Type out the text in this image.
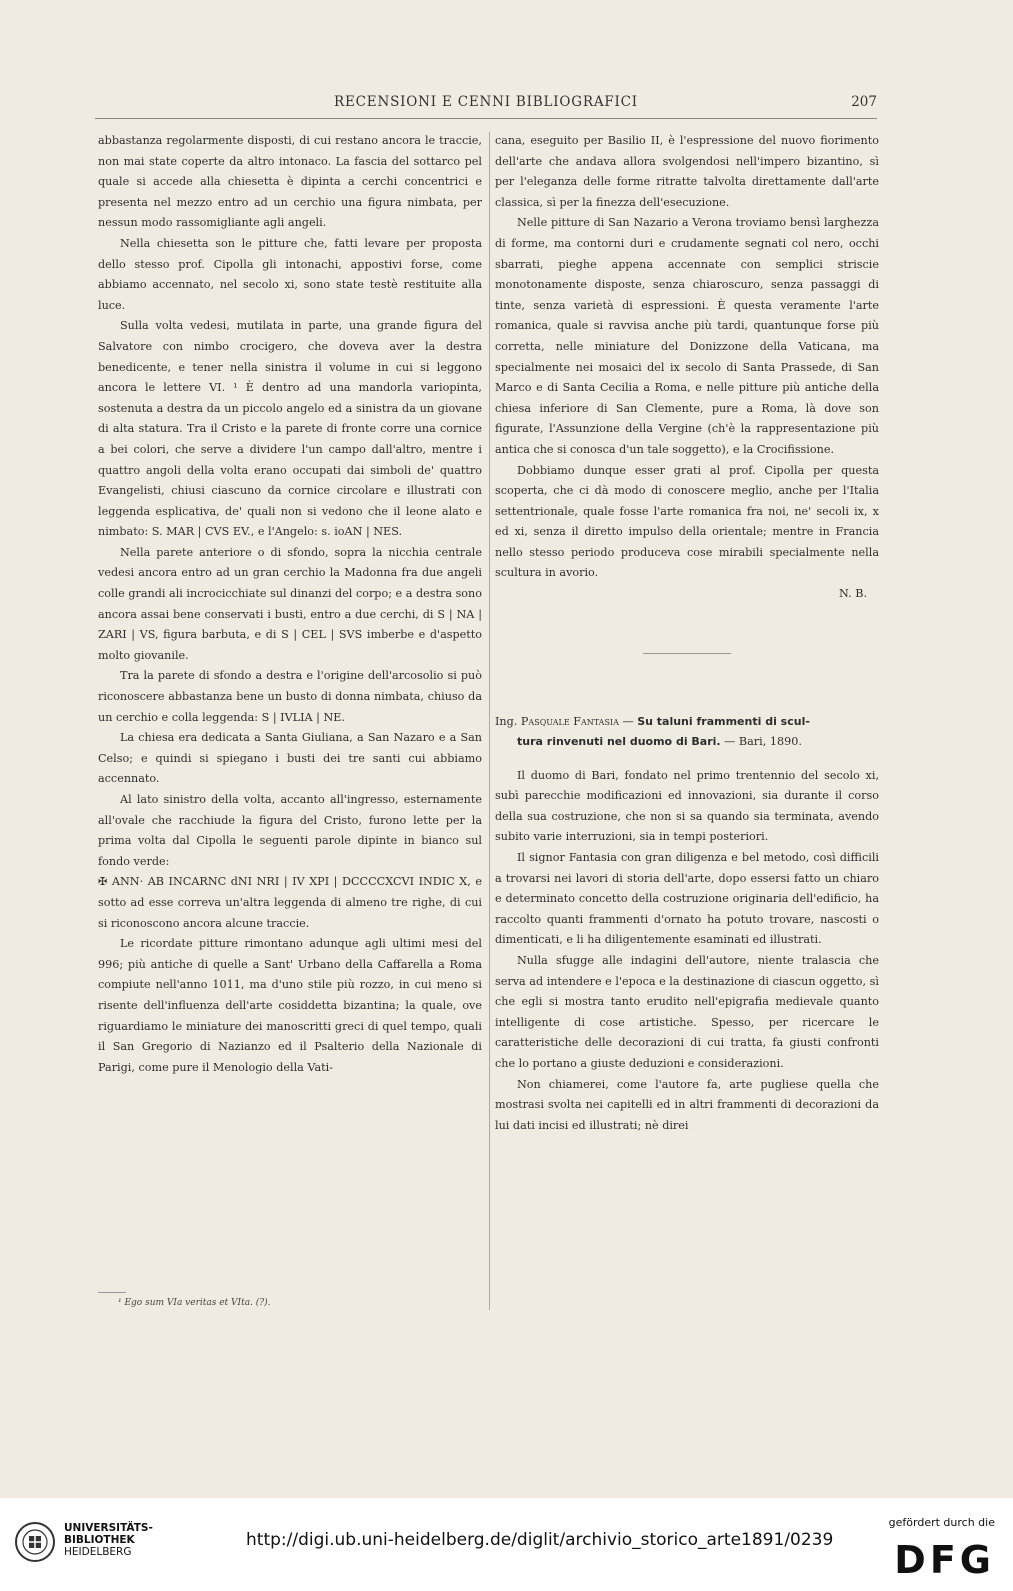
RECENSIONI E CENNI BIBLIOGRAFICI	207

abbastanza regolarmente disposti, di cui restano ancora le traccie, non mai state coperte da altro intonaco. La fascia del sottarco pel quale si accede alla chiesetta è dipinta a cerchi concentrici e presenta nel mezzo entro ad un cerchio una figura nimbata, per nessun modo rassomigliante agli angeli.

Nella chiesetta son le pitture che, fatti levare per proposta dello stesso prof. Cipolla gli intonachi, appostivi forse, come abbiamo accennato, nel secolo xi, sono state testè restituite alla luce.

Sulla volta vedesi, mutilata in parte, una grande figura del Salvatore con nimbo crocigero, che doveva aver la destra benedicente, e tener nella sinistra il volume in cui si leggono ancora le lettere VI. ¹ È dentro ad una mandorla variopinta, sostenuta a destra da un piccolo angelo ed a sinistra da un giovane di alta statura. Tra il Cristo e la parete di fronte corre una cornice a bei colori, che serve a dividere l'un campo dall'altro, mentre i quattro angoli della volta erano occupati dai simboli de' quattro Evangelisti, chiusi ciascuno da cornice circolare e illustrati con leggenda esplicativa, de' quali non si vedono che il leone alato e nimbato: S. MAR | CVS EV., e l'Angelo: s. ioAN | NES.

Nella parete anteriore o di sfondo, sopra la nicchia centrale vedesi ancora entro ad un gran cerchio la Madonna fra due angeli colle grandi ali incrocicchiate sul dinanzi del corpo; e a destra sono ancora assai bene conservati i busti, entro a due cerchi, di S | NA | ZARI | VS, figura barbuta, e di S | CEL | SVS imberbe e d'aspetto molto giovanile.

Tra la parete di sfondo a destra e l'origine dell'arcosolio si può riconoscere abbastanza bene un busto di donna nimbata, chiuso da un cerchio e colla leggenda: S | IVLIA | NE.

La chiesa era dedicata a Santa Giuliana, a San Nazaro e a San Celso; e quindi si spiegano i busti dei tre santi cui abbiamo accennato.

Al lato sinistro della volta, accanto all'ingresso, esternamente all'ovale che racchiude la figura del Cristo, furono lette per la prima volta dal Cipolla le seguenti parole dipinte in bianco sul fondo verde:

✠ ANN· AB INCARNC dNI NRI | IV XPI | DCCCCXCVI INDIC X, e sotto ad esse correva un'altra leggenda di almeno tre righe, di cui si riconoscono ancora alcune traccie.

Le ricordate pitture rimontano adunque agli ultimi mesi del 996; più antiche di quelle a Sant' Urbano della Caffarella a Roma compiute nell'anno 1011, ma d'uno stile più rozzo, in cui meno si risente dell'influenza dell'arte cosiddetta bizantina; la quale, ove riguardiamo le miniature dei manoscritti greci di quel tempo, quali il San Gregorio di Nazianzo ed il Psalterio della Nazionale di Parigi, come pure il Menologio della Vati-

¹ Ego sum VIa veritas et VIta. (?).

cana, eseguito per Basilio II, è l'espressione del nuovo fiorimento dell'arte che andava allora svolgendosi nell'impero bizantino, sì per l'eleganza delle forme ritratte talvolta direttamente dall'arte classica, sì per la finezza dell'esecuzione.

Nelle pitture di San Nazario a Verona troviamo bensì larghezza di forme, ma contorni duri e crudamente segnati col nero, occhi sbarrati, pieghe appena accennate con semplici striscie monotonamente disposte, senza chiaroscuro, senza passaggi di tinte, senza varietà di espressioni. È questa veramente l'arte romanica, quale si ravvisa anche più tardi, quantunque forse più corretta, nelle miniature del Donizzone della Vaticana, ma specialmente nei mosaici del ix secolo di Santa Prassede, di San Marco e di Santa Cecilia a Roma, e nelle pitture più antiche della chiesa inferiore di San Clemente, pure a Roma, là dove son figurate, l'Assunzione della Vergine (ch'è la rappresentazione più antica che si conosca d'un tale soggetto), e la Crocifissione.

Dobbiamo dunque esser grati al prof. Cipolla per questa scoperta, che ci dà modo di conoscere meglio, anche per l'Italia settentrionale, quale fosse l'arte romanica fra noi, ne' secoli ix, x ed xi, senza il diretto impulso della orientale; mentre in Francia nello stesso periodo produceva cose mirabili specialmente nella scultura in avorio.

N. B.

Ing. Pasquale Fantasia — Su taluni frammenti di scul-
tura rinvenuti nel duomo di Bari. — Bari, 1890.

Il duomo di Bari, fondato nel primo trentennio del secolo xi, subì parecchie modificazioni ed innovazioni, sia durante il corso della sua costruzione, che non si sa quando sia terminata, avendo subito varie interruzioni, sia in tempi posteriori.

Il signor Fantasia con gran diligenza e bel metodo, così difficili a trovarsi nei lavori di storia dell'arte, dopo essersi fatto un chiaro e determinato concetto della costruzione originaria dell'edificio, ha raccolto quanti frammenti d'ornato ha potuto trovare, nascosti o dimenticati, e li ha diligentemente esaminati ed illustrati.

Nulla sfugge alle indagini dell'autore, niente tralascia che serva ad intendere e l'epoca e la destinazione di ciascun oggetto, sì che egli si mostra tanto erudito nell'epigrafia medievale quanto intelligente di cose artistiche. Spesso, per ricercare le caratteristiche delle decorazioni di cui tratta, fa giusti confronti che lo portano a giuste deduzioni e considerazioni.

Non chiamerei, come l'autore fa, arte pugliese quella che mostrasi svolta nei capitelli ed in altri frammenti di decorazioni da lui dati incisi ed illustrati; nè direi

UNIVERSITÄTS-
BIBLIOTHEK
HEIDELBERG
http://digi.ub.uni-heidelberg.de/diglit/archivio_storico_arte1891/0239
gefördert durch die
DFG
